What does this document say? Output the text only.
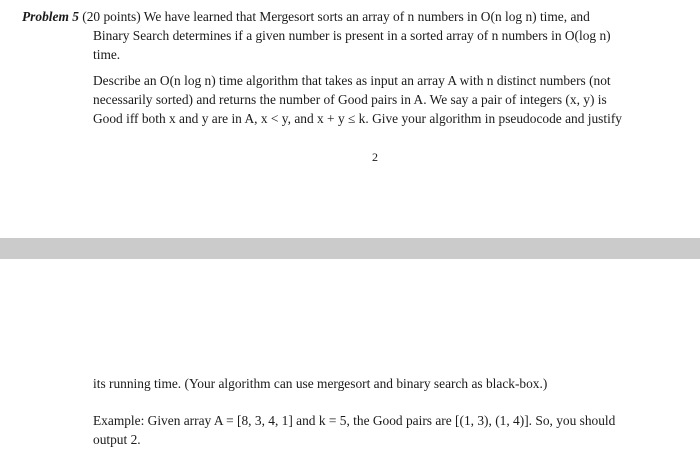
Problem 5 (20 points) We have learned that Mergesort sorts an array of n numbers in O(n log n) time, and
Binary Search determines if a given number is present in a sorted array of n numbers in O(log n)
time.
Describe an O(n log n) time algorithm that takes as input an array A with n distinct numbers (not
necessarily sorted) and returns the number of Good pairs in A. We say a pair of integers (x, y) is
Good iff both x and y are in A, x < y, and x + y ≤ k. Give your algorithm in pseudocode and justify
2
its running time. (Your algorithm can use mergesort and binary search as black-box.)
Example: Given array A = [8, 3, 4, 1] and k = 5, the Good pairs are [(1, 3), (1, 4)]. So, you should
output 2.
